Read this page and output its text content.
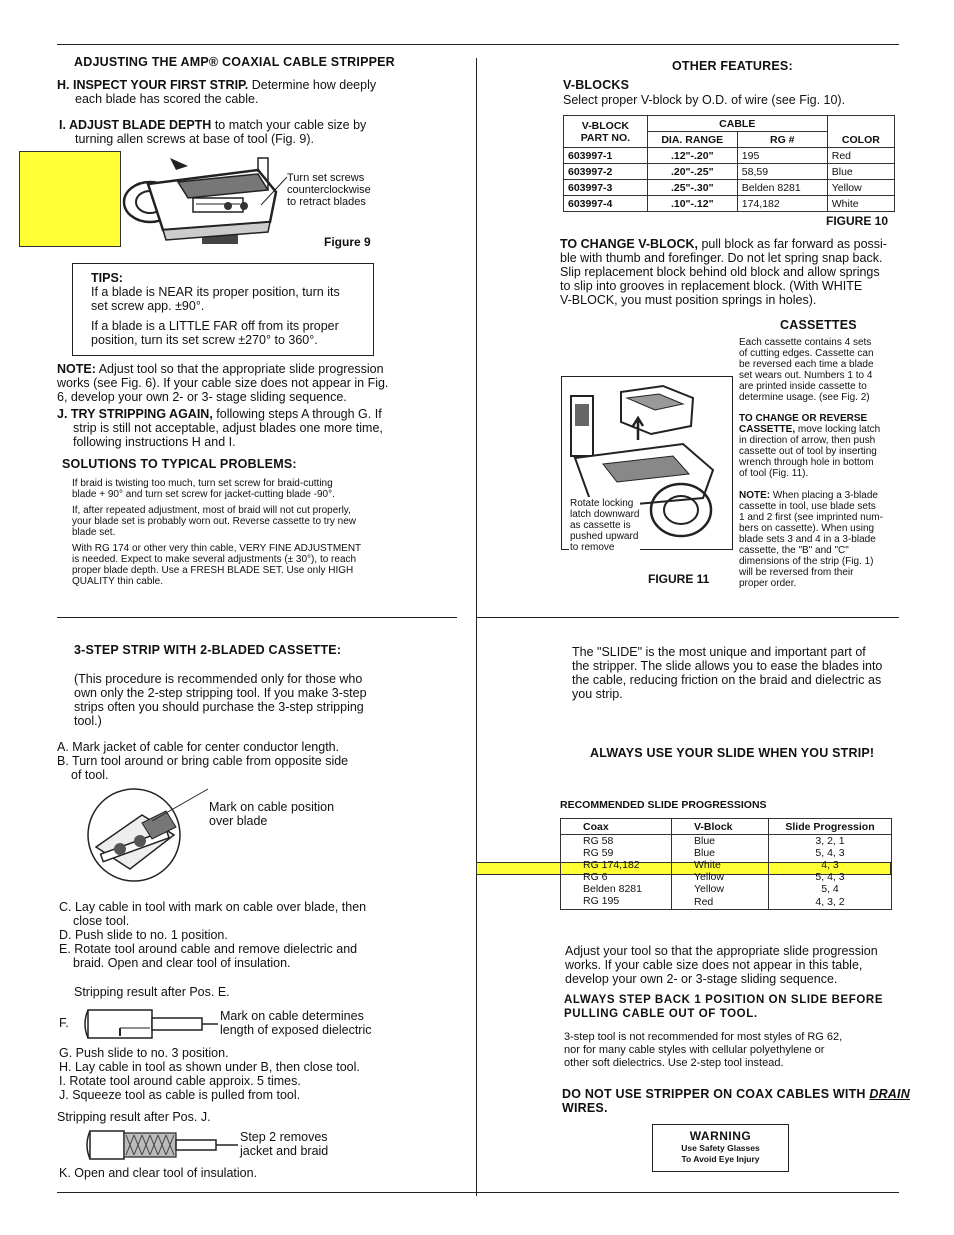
ADJUSTING THE AMP® COAXIAL CABLE STRIPPER
H. INSPECT YOUR FIRST STRIP. Determine how deeply
each blade has scored the cable.
I. ADJUST BLADE DEPTH to match your cable size by
turning allen screws at base of tool (Fig. 9).
Turn set screws
counterclockwise
to retract blades
Figure 9
TIPS:
If a blade is NEAR its proper position, turn its
set screw app. ±90°.
If a blade is a LITTLE FAR off from its proper
position, turn its set screw ±270° to 360°.
NOTE: Adjust tool so that the appropriate slide progression
works (see Fig. 6). If your cable size does not appear in Fig.
6, develop your own 2- or 3- stage sliding sequence.
J. TRY STRIPPING AGAIN, following steps A through G. If
strip is still not acceptable, adjust blades one more time,
following instructions H and I.
SOLUTIONS TO TYPICAL PROBLEMS:
If braid is twisting too much, turn set screw for braid-cutting
blade + 90° and turn set screw for jacket-cutting blade -90°.
If, after repeated adjustment, most of braid will not cut properly,
your blade set is probably worn out. Reverse cassette to try new
blade set.
With RG 174 or other very thin cable, VERY FINE ADJUSTMENT
is needed. Expect to make several adjustments (± 30°), to reach
proper blade depth. Use a FRESH BLADE SET. Use only HIGH
QUALITY thin cable.
OTHER FEATURES:
V-BLOCKS
Select proper V-block by O.D. of wire (see Fig. 10).
V-BLOCK
PART NO.	CABLE		COLOR
	DIA. RANGE	RG #	
603997-1	.12"-.20"	195	Red
603997-2	.20"-.25"	58,59	Blue
603997-3	.25"-.30"	Belden 8281	Yellow
603997-4	.10"-.12"	174,182	White
FIGURE 10
TO CHANGE V-BLOCK, pull block as far forward as possi-
ble with thumb and forefinger. Do not let spring snap back.
Slip replacement block behind old block and allow springs
to slip into grooves in replacement block. (With WHITE
V-BLOCK, you must position springs in holes).
CASSETTES
Each cassette contains 4 sets
of cutting edges. Cassette can
be reversed each time a blade
set wears out. Numbers 1 to 4
are printed inside cassette to
determine usage. (see Fig. 2)
TO CHANGE OR REVERSE
CASSETTE, move locking latch
in direction of arrow, then push
cassette out of tool by inserting
wrench through hole in bottom
of tool (Fig. 11).
NOTE: When placing a 3-blade
cassette in tool, use blade sets
1 and 2 first (see imprinted num-
bers on cassette). When using
blade sets 3 and 4 in a 3-blade
cassette, the "B" and "C"
dimensions of the strip (Fig. 1)
will be reversed from their
proper order.
Rotate locking
latch downward
as cassette is
pushed upward
to remove
FIGURE 11
3-STEP STRIP WITH 2-BLADED CASSETTE:
(This procedure is recommended only for those who
own only the 2-step stripping tool. If you make 3-step
strips often you should purchase the 3-step stripping
tool.)
A. Mark jacket of cable for center conductor length.
B. Turn tool around or bring cable from opposite side
of tool.
Mark on cable position
over blade
C. Lay cable in tool with mark on cable over blade, then
close tool.
D. Push slide to no. 1 position.
E. Rotate tool around cable and remove dielectric and
braid. Open and clear tool of insulation.
Stripping result after Pos. E.
F.	Mark on cable determines
length of exposed dielectric
G. Push slide to no. 3 position.
H. Lay cable in tool as shown under B, then close tool.
I. Rotate tool around cable approix. 5 times.
J. Squeeze tool as cable is pulled from tool.
Stripping result after Pos. J.
Step 2 removes
jacket and braid
K. Open and clear tool of insulation.
The "SLIDE" is the most unique and important part of
the stripper. The slide allows you to ease the blades into
the cable, reducing friction on the braid and dielectric as
you strip.
ALWAYS USE YOUR SLIDE WHEN YOU STRIP!
RECOMMENDED SLIDE PROGRESSIONS
Coax	V-Block	Slide Progression
RG 58	Blue	3, 2, 1
RG 59	Blue	5, 4, 3
RG 174,182	White	4, 3
RG 6	Yellow	5, 4, 3
Belden 8281	Yellow	5, 4
RG 195	Red	4, 3, 2
Adjust your tool so that the appropriate slide progression
works. If your cable size does not appear in this table,
develop your own 2- or 3-stage sliding sequence.
ALWAYS STEP BACK 1 POSITION ON SLIDE BEFORE
PULLING CABLE OUT OF TOOL.
3-step tool is not recommended for most styles of RG 62,
nor for many cable styles with cellular polyethylene or
other soft dielectrics. Use 2-step tool instead.
DO NOT USE STRIPPER ON COAX CABLES WITH DRAIN
WIRES.
WARNING
Use Safety Glasses
To Avoid Eye Injury
